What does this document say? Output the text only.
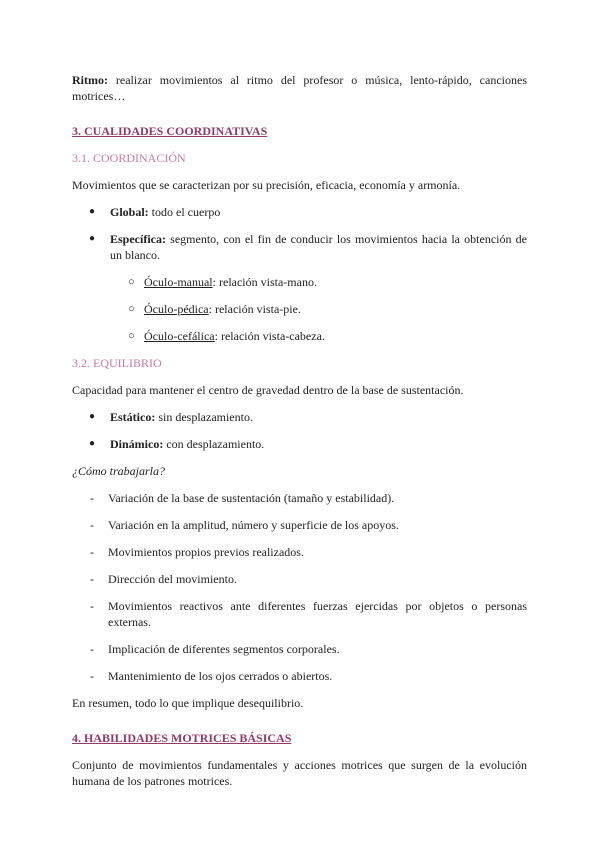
Ritmo: realizar movimientos al ritmo del profesor o música, lento-rápido, canciones motrices…

3. CUALIDADES COORDINATIVAS

3.1. COORDINACIÓN

Movimientos que se caracterizan por su precisión, eficacia, economía y armonía.

● Global: todo el cuerpo
● Específica: segmento, con el fin de conducir los movimientos hacia la obtención de un blanco.
○ Óculo-manual: relación vista-mano.
○ Óculo-pédica: relación vista-pie.
○ Óculo-cefálica: relación vista-cabeza.

3.2. EQUILIBRIO

Capacidad para mantener el centro de gravedad dentro de la base de sustentación.

● Estático: sin desplazamiento.
● Dinámico: con desplazamiento.

¿Cómo trabajarla?

- Variación de la base de sustentación (tamaño y estabilidad).
- Variación en la amplitud, número y superficie de los apoyos.
- Movimientos propios previos realizados.
- Dirección del movimiento.
- Movimientos reactivos ante diferentes fuerzas ejercidas por objetos o personas externas.
- Implicación de diferentes segmentos corporales.
- Mantenimiento de los ojos cerrados o abiertos.

En resumen, todo lo que implique desequilibrio.

4. HABILIDADES MOTRICES BÁSICAS

Conjunto de movimientos fundamentales y acciones motrices que surgen de la evolución humana de los patrones motrices.
